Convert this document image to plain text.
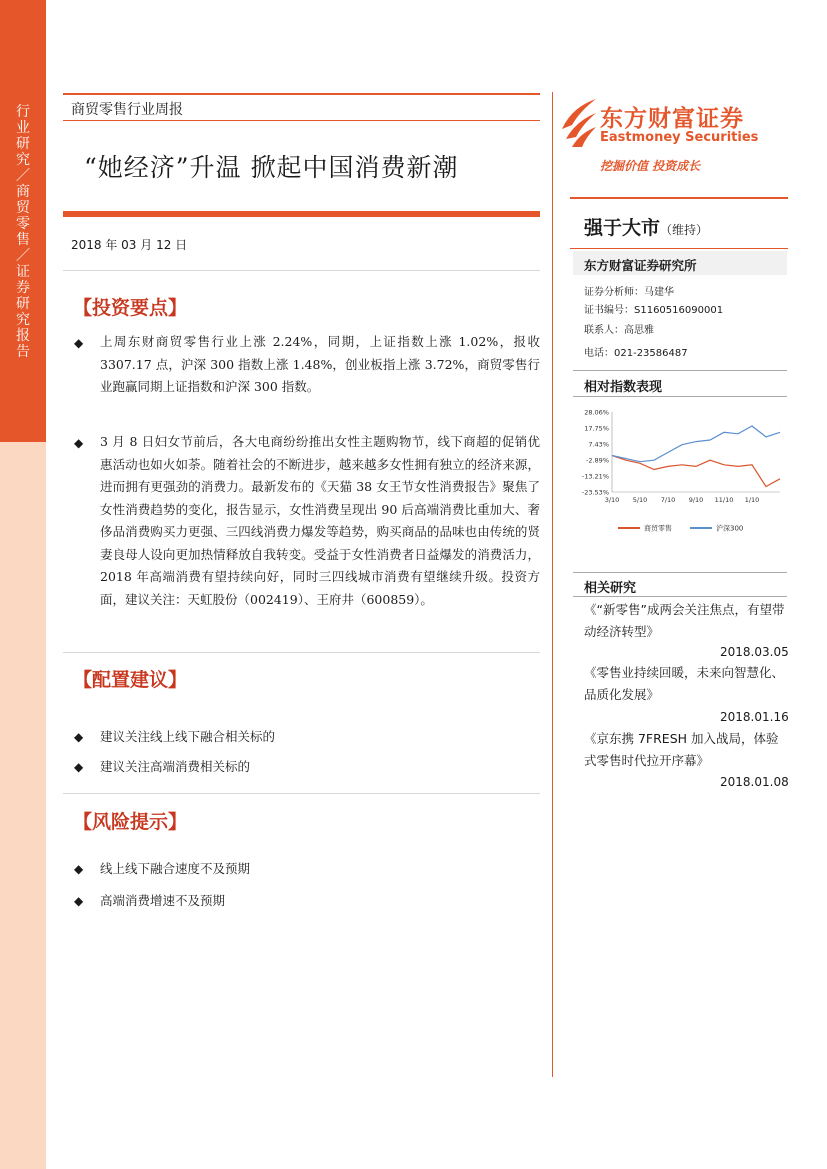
行业研究／商贸零售／证券研究报告
商贸零售行业周报
“她经济”升温 掀起中国消费新潮
2018 年 03 月 12 日
【投资要点】
◆ 上周东财商贸零售行业上涨 2.24%，同期，上证指数上涨 1.02%，报收 3307.17 点，沪深 300 指数上涨 1.48%，创业板指上涨 3.72%，商贸零售行业跑赢同期上证指数和沪深 300 指数。

◆ 3 月 8 日妇女节前后，各大电商纷纷推出女性主题购物节，线下商超的促销优惠活动也如火如荼。随着社会的不断进步，越来越多女性拥有独立的经济来源，进而拥有更强劲的消费力。最新发布的《天猫 38 女王节女性消费报告》聚焦了女性消费趋势的变化，报告显示，女性消费呈现出 90 后高端消费比重加大、奢侈品消费购买力更强、三四线消费力爆发等趋势，购买商品的品味也由传统的贤妻良母人设向更加热情释放自我转变。受益于女性消费者日益爆发的消费活力，2018 年高端消费有望持续向好，同时三四线城市消费有望继续升级。投资方面，建议关注：天虹股份（002419）、王府井（600859）。

【配置建议】
◆ 建议关注线上线下融合相关标的
◆ 建议关注高端消费相关标的
【风险提示】
◆ 线上线下融合速度不及预期
◆ 高端消费增速不及预期
东方财富证券
Eastmoney Securities
挖掘价值 投资成长
强于大市（维持）
东方财富证券研究所
证券分析师：马建华
证书编号：S1160516090001
联系人：高思雅
电话：021-23586487
相对指数表现
28.06%
17.75%
7.43%
-2.89%
-13.21%
-23.53%
3/10 5/10 7/10 9/10 11/10 1/10
商贸零售	沪深300
相关研究

《“新零售”成两会关注焦点，有望带动经济转型》

2018.03.05

《零售业持续回暖，未来向智慧化、品质化发展》

2018.01.16

《京东携 7FRESH 加入战局，体验式零售时代拉开序幕》

2018.01.08
